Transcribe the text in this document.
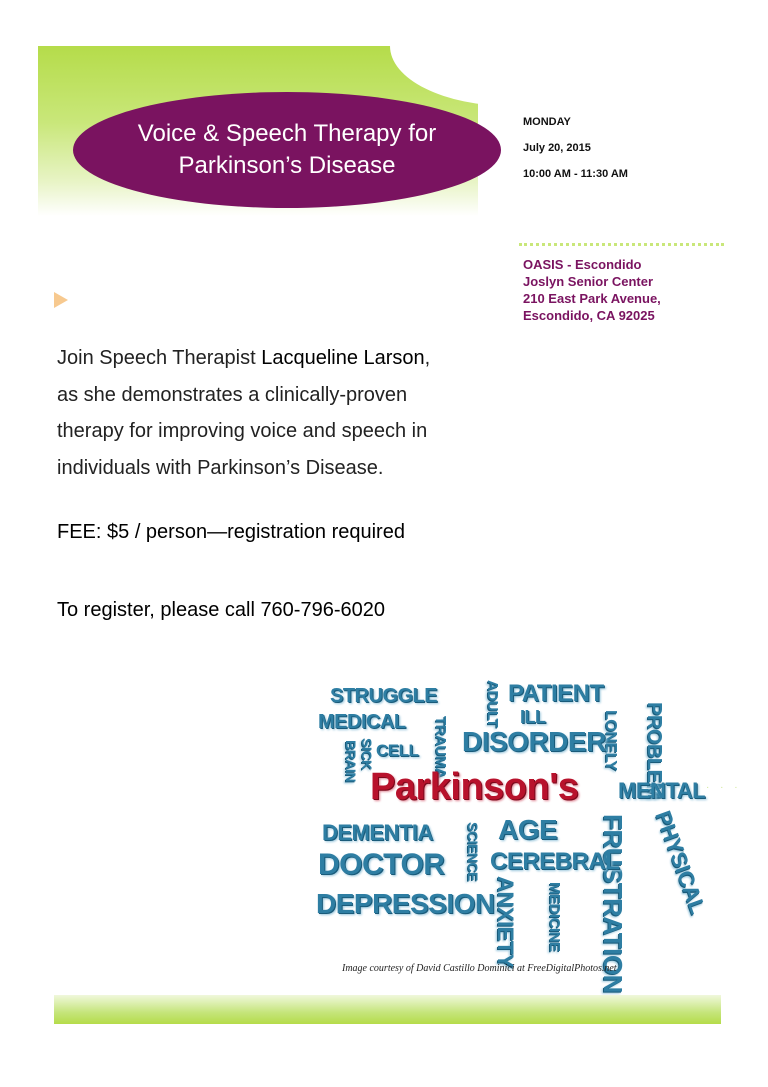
Voice & Speech Therapy for
Parkinson’s Disease
MONDAY
July 20, 2015
10:00 AM - 11:30 AM
OASIS - Escondido
Joslyn Senior Center
210 East Park Avenue,
Escondido, CA 92025
Join Speech Therapist Lacqueline Larson,
as she demonstrates a clinically-proven
therapy for improving voice and speech in
individuals with Parkinson’s Disease.
FEE: $5 / person—registration required
To register, please call 760-796-6020
STRUGGLE	ADULT PATIENT
MEDICAL	ILL	LONELY PROBLEM
TRAUMA DISORDER
BRAIN SICK CELL
Parkinson's MENTAL
DEMENTIA SCIENCE AGE FRUSTRATION PHYSICAL
DOCTOR CEREBRAL
ANXIETY MEDICINE
DEPRESSION
· · ·
Image courtesy of David Castillo Dominici at FreeDigitalPhotos.net
